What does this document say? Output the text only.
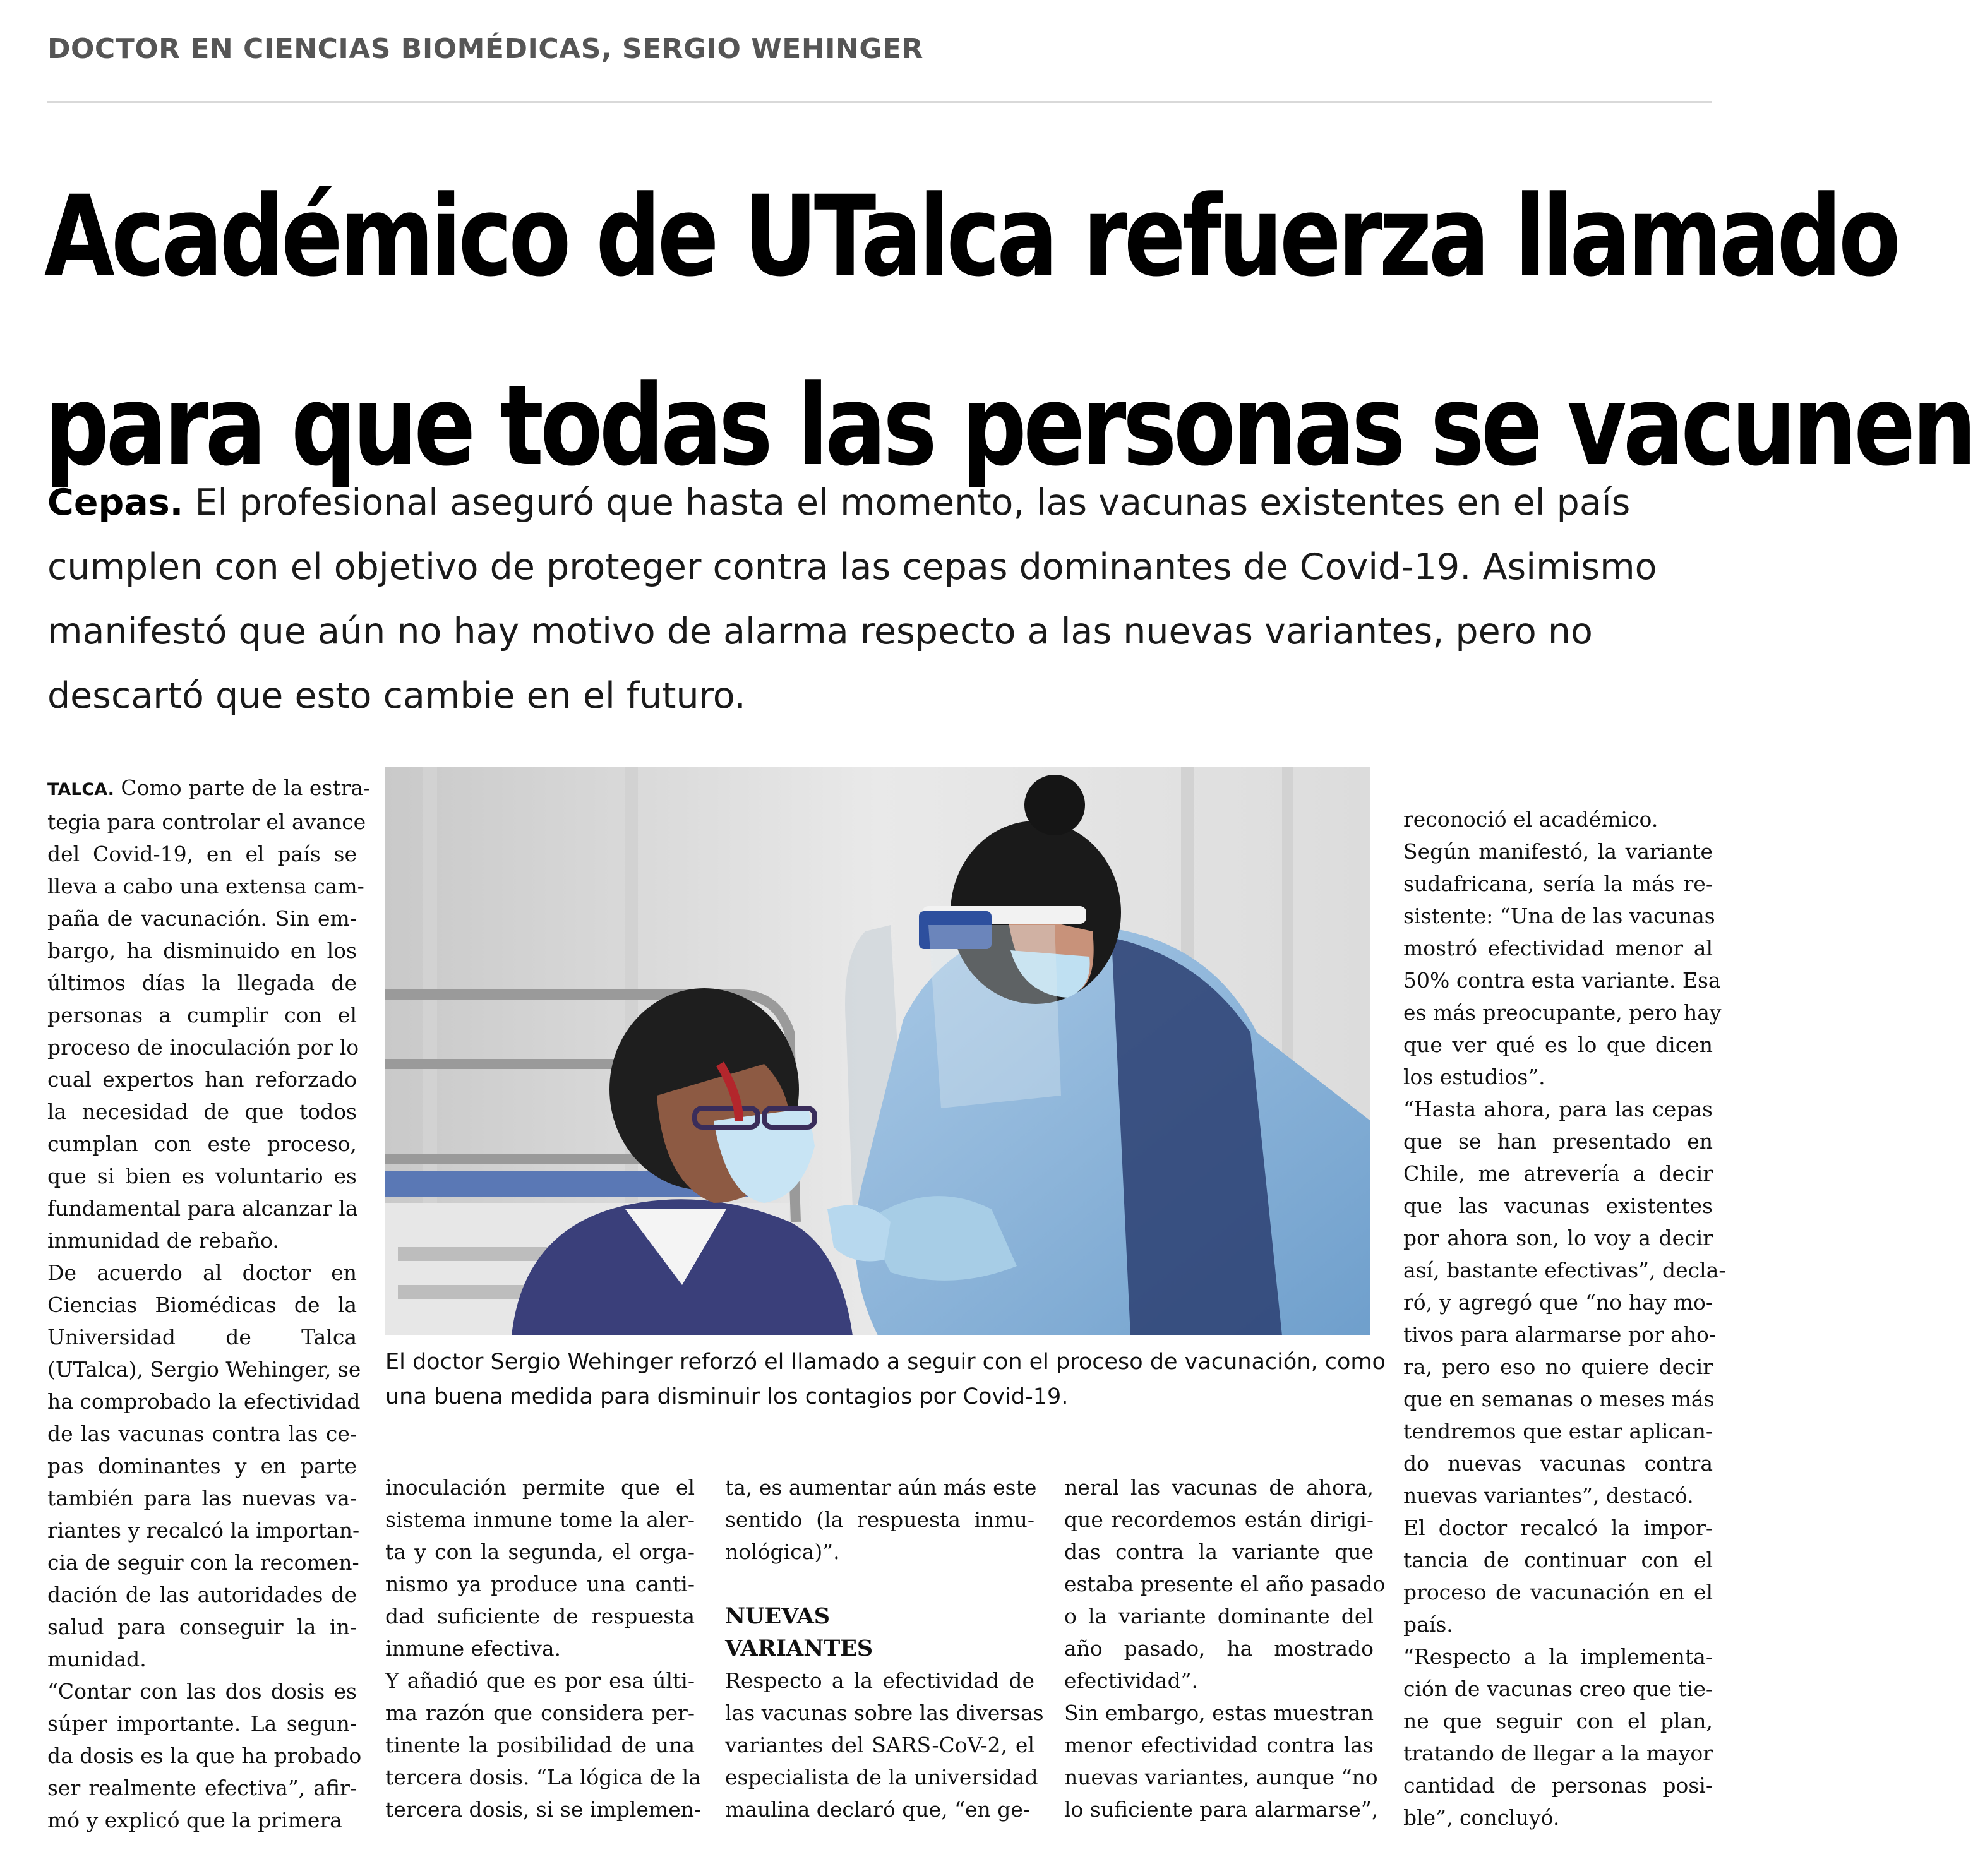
DOCTOR EN CIENCIAS BIOMÉDICAS, SERGIO WEHINGER
Académico de UTalca refuerza llamado
para que todas las personas se vacunen
Cepas. El profesional aseguró que hasta el momento, las vacunas existentes en el país
cumplen con el objetivo de proteger contra las cepas dominantes de Covid-19. Asimismo
manifestó que aún no hay motivo de alarma respecto a las nuevas variantes, pero no
descartó que esto cambie en el futuro.
TALCA. Como parte de la estra-
tegia para controlar el avance
del Covid-19, en el país se
lleva a cabo una extensa cam-
paña de vacunación. Sin em-
bargo, ha disminuido en los
últimos días la llegada de
personas a cumplir con el
proceso de inoculación por lo
cual expertos han reforzado
la necesidad de que todos
cumplan con este proceso,
que si bien es voluntario es
fundamental para alcanzar la
inmunidad de rebaño.
De acuerdo al doctor en
Ciencias Biomédicas de la
Universidad de Talca
(UTalca), Sergio Wehinger, se
ha comprobado la efectividad
de las vacunas contra las ce-
pas dominantes y en parte
también para las nuevas va-
riantes y recalcó la importan-
cia de seguir con la recomen-
dación de las autoridades de
salud para conseguir la in-
munidad.
“Contar con las dos dosis es
súper importante. La segun-
da dosis es la que ha probado
ser realmente efectiva”, afir-
mó y explicó que la primera
El doctor Sergio Wehinger reforzó el llamado a seguir con el proceso de vacunación, como
una buena medida para disminuir los contagios por Covid-19.
inoculación permite que el
sistema inmune tome la aler-
ta y con la segunda, el orga-
nismo ya produce una canti-
dad suficiente de respuesta
inmune efectiva.
Y añadió que es por esa últi-
ma razón que considera per-
tinente la posibilidad de una
tercera dosis. “La lógica de la
tercera dosis, si se implemen-
ta, es aumentar aún más este
sentido (la respuesta inmu-
nológica)”.
NUEVAS
VARIANTES
Respecto a la efectividad de
las vacunas sobre las diversas
variantes del SARS-CoV-2, el
especialista de la universidad
maulina declaró que, “en ge-
neral las vacunas de ahora,
que recordemos están dirigi-
das contra la variante que
estaba presente el año pasado
o la variante dominante del
año pasado, ha mostrado
efectividad”.
Sin embargo, estas muestran
menor efectividad contra las
nuevas variantes, aunque “no
lo suficiente para alarmarse”,
reconoció el académico.
Según manifestó, la variante
sudafricana, sería la más re-
sistente: “Una de las vacunas
mostró efectividad menor al
50% contra esta variante. Esa
es más preocupante, pero hay
que ver qué es lo que dicen
los estudios”.
“Hasta ahora, para las cepas
que se han presentado en
Chile, me atrevería a decir
que las vacunas existentes
por ahora son, lo voy a decir
así, bastante efectivas”, decla-
ró, y agregó que “no hay mo-
tivos para alarmarse por aho-
ra, pero eso no quiere decir
que en semanas o meses más
tendremos que estar aplican-
do nuevas vacunas contra
nuevas variantes”, destacó.
El doctor recalcó la impor-
tancia de continuar con el
proceso de vacunación en el
país.
“Respecto a la implementa-
ción de vacunas creo que tie-
ne que seguir con el plan,
tratando de llegar a la mayor
cantidad de personas posi-
ble”, concluyó.
